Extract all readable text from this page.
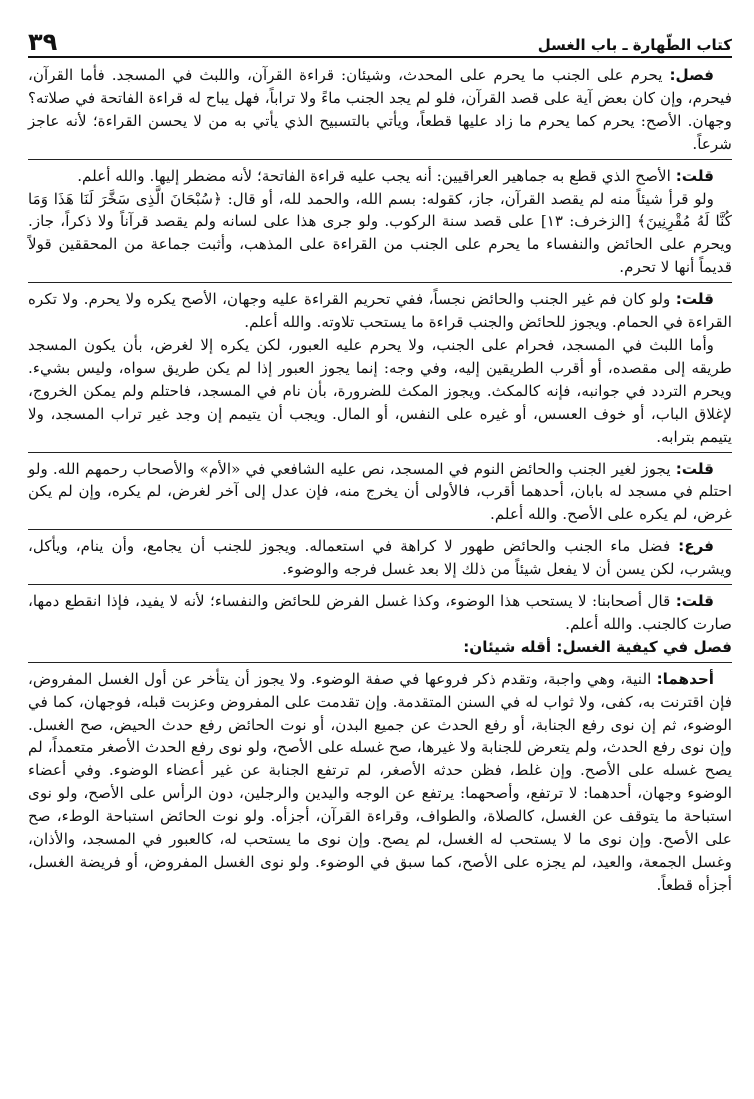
٣٩	كتاب الطّهارة ـ باب الغسل

فصل: يحرم على الجنب ما يحرم على المحدث، وشيئان: قراءة القرآن، واللبث في المسجد. فأما القرآن، فيحرم، وإن كان بعض آية على قصد القرآن، فلو لم يجد الجنب ماءً ولا تراباً، فهل يباح له قراءة الفاتحة في صلاته؟ وجهان. الأصح: يحرم كما يحرم ما زاد عليها قطعاً، ويأتي بالتسبيح الذي يأتي به من لا يحسن القراءة؛ لأنه عاجز شرعاً.

قلت: الأصح الذي قطع به جماهير العراقيين: أنه يجب عليه قراءة الفاتحة؛ لأنه مضطر إليها. والله أعلم.

ولو قرأ شيئاً منه لم يقصد القرآن، جاز، كقوله: بسم الله، والحمد لله، أو قال: ﴿سُبْحَانَ الَّذِى سَخَّرَ لَنَا هَذَا وَمَا كُنَّا لَهُ مُقْرِنِينَ﴾ [الزخرف: ١٣] على قصد سنة الركوب. ولو جرى هذا على لسانه ولم يقصد قرآناً ولا ذكراً، جاز. ويحرم على الحائض والنفساء ما يحرم على الجنب من القراءة على المذهب، وأثبت جماعة من المحققين قولاً قديماً أنها لا تحرم.

قلت: ولو كان فم غير الجنب والحائض نجساً، ففي تحريم القراءة عليه وجهان، الأصح يكره ولا يحرم. ولا تكره القراءة في الحمام. ويجوز للحائض والجنب قراءة ما يستحب تلاوته. والله أعلم.

وأما اللبث في المسجد، فحرام على الجنب، ولا يحرم عليه العبور، لكن يكره إلا لغرض، بأن يكون المسجد طريقه إلى مقصده، أو أقرب الطريقين إليه، وفي وجه: إنما يجوز العبور إذا لم يكن طريق سواه، وليس بشيء. ويحرم التردد في جوانبه، فإنه كالمكث. ويجوز المكث للضرورة، بأن نام في المسجد، فاحتلم ولم يمكن الخروج، لإغلاق الباب، أو خوف العسس، أو غيره على النفس، أو المال. ويجب أن يتيمم إن وجد غير تراب المسجد، ولا يتيمم بترابه.

قلت: يجوز لغير الجنب والحائض النوم في المسجد، نص عليه الشافعي في «الأم» والأصحاب رحمهم الله. ولو احتلم في مسجد له بابان، أحدهما أقرب، فالأولى أن يخرج منه، فإن عدل إلى آخر لغرض، لم يكره، وإن لم يكن غرض، لم يكره على الأصح. والله أعلم.

فرع: فضل ماء الجنب والحائض طهور لا كراهة في استعماله. ويجوز للجنب أن يجامع، وأن ينام، ويأكل، ويشرب، لكن يسن أن لا يفعل شيئاً من ذلك إلا بعد غسل فرجه والوضوء.

قلت: قال أصحابنا: لا يستحب هذا الوضوء، وكذا غسل الفرض للحائض والنفساء؛ لأنه لا يفيد، فإذا انقطع دمها، صارت كالجنب. والله أعلم.

فصل في كيفية الغسل: أقله شيئان:

أحدهما: النية، وهي واجبة، وتقدم ذكر فروعها في صفة الوضوء. ولا يجوز أن يتأخر عن أول الغسل المفروض، فإن اقترنت به، كفى، ولا ثواب له في السنن المتقدمة. وإن تقدمت على المفروض وعزبت قبله، فوجهان، كما في الوضوء، ثم إن نوى رفع الجنابة، أو رفع الحدث عن جميع البدن، أو نوت الحائض رفع حدث الحيض، صح الغسل. وإن نوى رفع الحدث، ولم يتعرض للجنابة ولا غيرها، صح غسله على الأصح، ولو نوى رفع الحدث الأصغر متعمداً، لم يصح غسله على الأصح. وإن غلط، فظن حدثه الأصغر، لم ترتفع الجنابة عن غير أعضاء الوضوء. وفي أعضاء الوضوء وجهان، أحدهما: لا ترتفع، وأصحهما: يرتفع عن الوجه واليدين والرجلين، دون الرأس على الأصح، ولو نوى استباحة ما يتوقف عن الغسل، كالصلاة، والطواف، وقراءة القرآن، أجزأه. ولو نوت الحائض استباحة الوطء، صح على الأصح. وإن نوى ما لا يستحب له الغسل، لم يصح. وإن نوى ما يستحب له، كالعبور في المسجد، والأذان، وغسل الجمعة، والعيد، لم يجزه على الأصح، كما سبق في الوضوء. ولو نوى الغسل المفروض، أو فريضة الغسل، أجزأه قطعاً.
